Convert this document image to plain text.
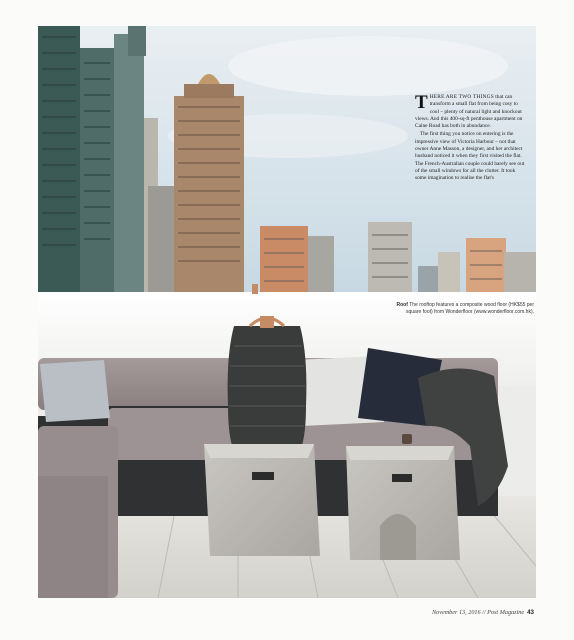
THERE ARE TWO THINGS that can transform a small flat from being cosy to cool – plenty of natural light and knockout views. And this 400-sq-ft penthouse apartment on Caine Road has both in abundance.

The first thing you notice on entering is the impressive view of Victoria Harbour – not that owner Anne Masson, a designer, and her architect husband noticed it when they first visited the flat. The French-Australian couple could barely see out of the small windows for all the clutter. It took some imagination to realise the flat's

Roof The rooftop features a composite wood floor (HK$55 per square foot) from Wonderfloor (www.wonderfloor.com.hk).
November 13, 2016 // Post Magazine 43
